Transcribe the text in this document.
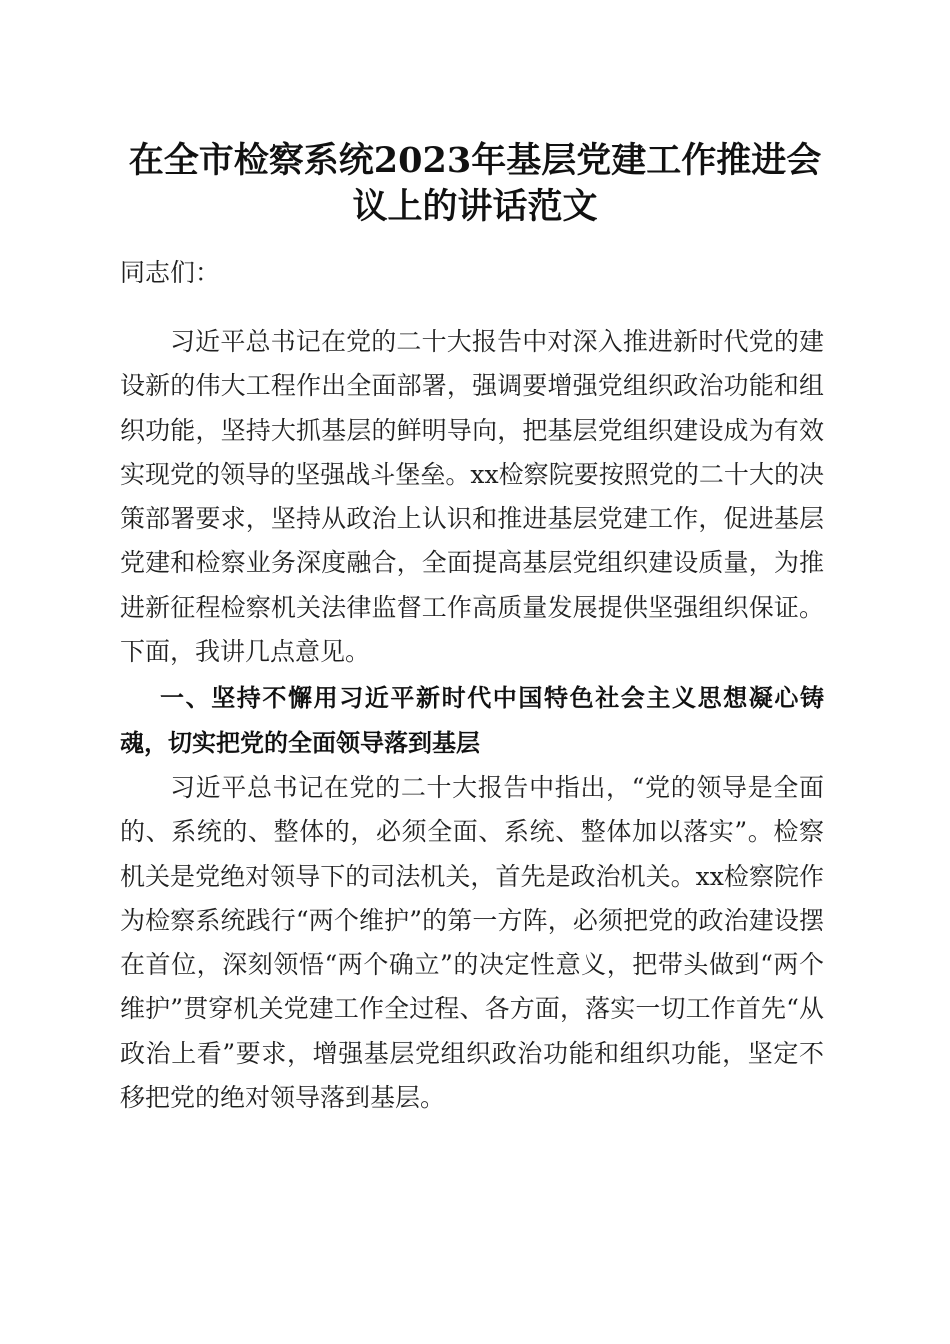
在全市检察系统2023年基层党建工作推进会
议上的讲话范文
同志们：
习近平总书记在党的二十大报告中对深入推进新时代党的建设新的伟大工程作出全面部署，强调要增强党组织政治功能和组织功能，坚持大抓基层的鲜明导向，把基层党组织建设成为有效实现党的领导的坚强战斗堡垒。xx检察院要按照党的二十大的决策部署要求，坚持从政治上认识和推进基层党建工作，促进基层党建和检察业务深度融合，全面提高基层党组织建设质量，为推进新征程检察机关法律监督工作高质量发展提供坚强组织保证。下面，我讲几点意见。
一、坚持不懈用习近平新时代中国特色社会主义思想凝心铸魂，切实把党的全面领导落到基层
习近平总书记在党的二十大报告中指出，“党的领导是全面的、系统的、整体的，必须全面、系统、整体加以落实”。检察机关是党绝对领导下的司法机关，首先是政治机关。xx检察院作为检察系统践行“两个维护”的第一方阵，必须把党的政治建设摆在首位，深刻领悟“两个确立”的决定性意义，把带头做到“两个维护”贯穿机关党建工作全过程、各方面，落实一切工作首先“从政治上看”要求，增强基层党组织政治功能和组织功能，坚定不移把党的绝对领导落到基层。
